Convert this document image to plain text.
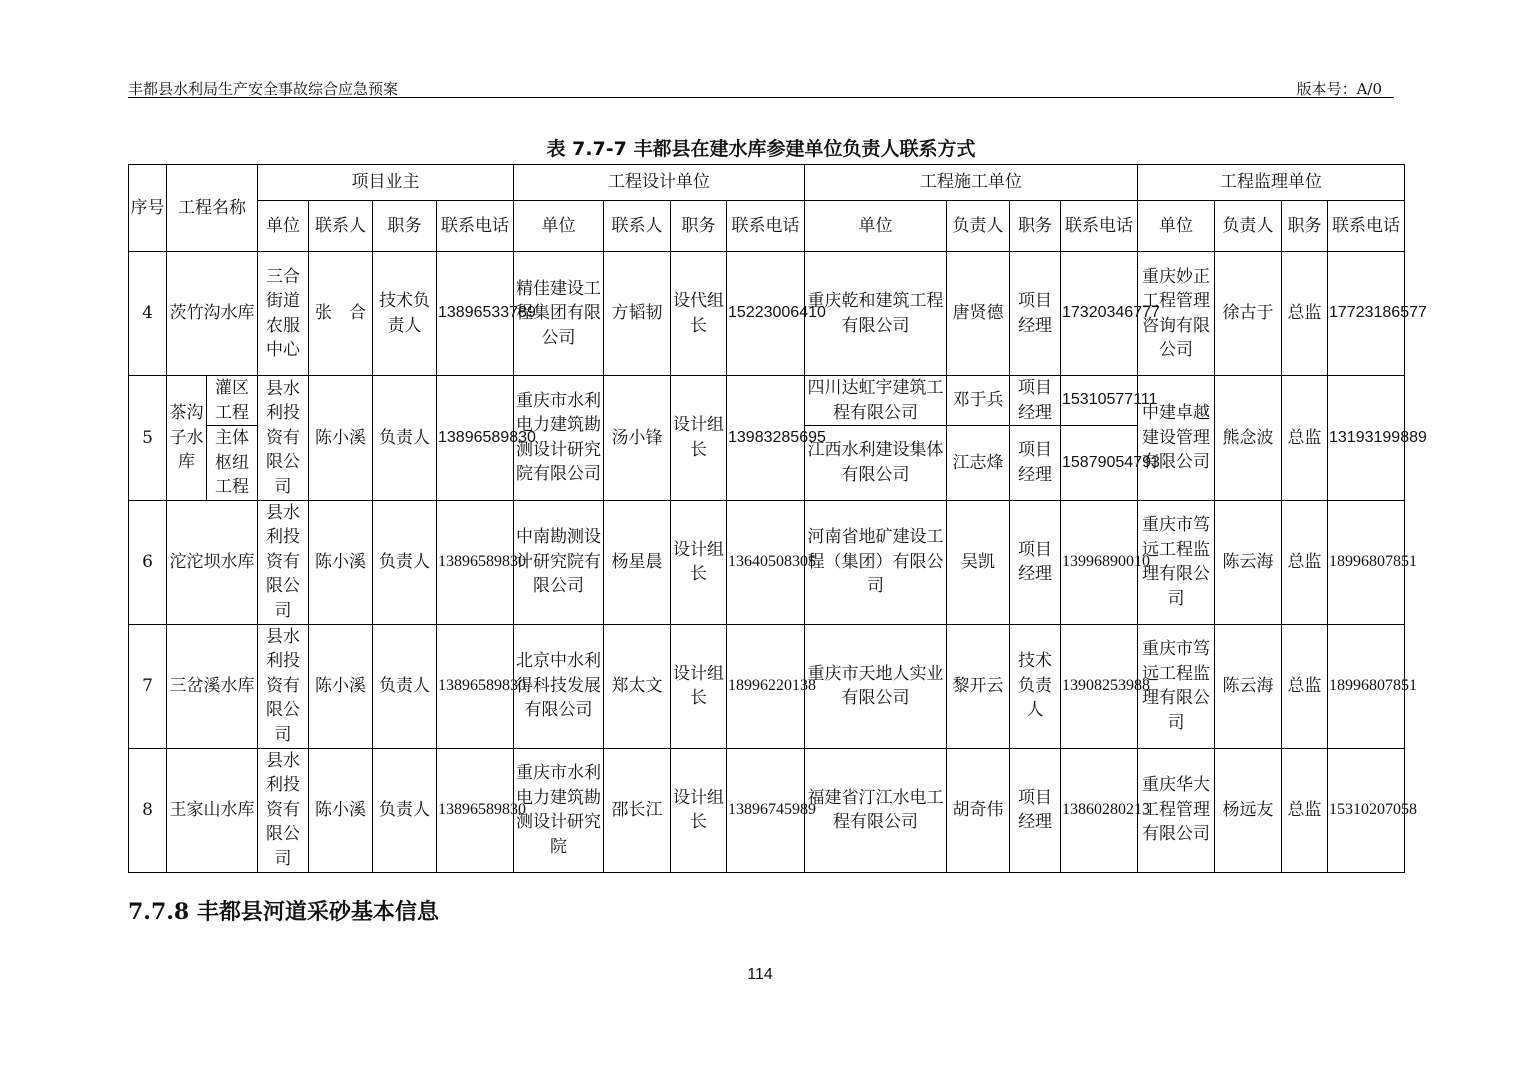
丰都县水利局生产安全事故综合应急预案	版本号：A/0
表 7.7-7 丰都县在建水库参建单位负责人联系方式
序号	工程名称		项目业主				工程设计单位				工程施工单位				工程监理单位			
			单位	联系人	职务	联系电话	单位	联系人	职务	联系电话	单位	负责人	职务	联系电话	单位	负责人	职务	联系电话
4	茨竹沟水库		三合街道农服中心	张　合	技术负责人	13896533789	精佳建设工程集团有限公司	方韬韧	设代组长	15223006410	重庆乾和建筑工程有限公司	唐贤德	项目经理	17320346777	重庆妙正工程管理咨询有限公司	徐古于	总监	17723186577
5	茶沟子水库	灌区工程	县水利投资有限公司	陈小溪	负责人	13896589830	重庆市水利电力建筑勘测设计研究院有限公司	汤小锋	设计组长	13983285695	四川达虹宇建筑工程有限公司	邓于兵	项目经理	15310577111	中建卓越建设管理有限公司	熊念波	总监	13193199889
		主体枢纽工程									江西水利建设集体有限公司	江志烽	项目经理	15879054793				
6	沱沱坝水库		县水利投资有限公司	陈小溪	负责人	13896589830	中南勘测设计研究院有限公司	杨星晨	设计组长	13640508305	河南省地矿建设工程（集团）有限公司	吴凯	项目经理	13996890010	重庆市笃远工程监理有限公司	陈云海	总监	18996807851
7	三岔溪水库		县水利投资有限公司	陈小溪	负责人	13896589830	北京中水利得科技发展有限公司	郑太文	设计组长	18996220138	重庆市天地人实业有限公司	黎开云	技术负责人	13908253988	重庆市笃远工程监理有限公司	陈云海	总监	18996807851
8	王家山水库		县水利投资有限公司	陈小溪	负责人	13896589830	重庆市水利电力建筑勘测设计研究院	邵长江	设计组长	13896745989	福建省汀江水电工程有限公司	胡奇伟	项目经理	13860280213	重庆华大工程管理有限公司	杨远友	总监	15310207058
7.7.8 丰都县河道采砂基本信息
114
